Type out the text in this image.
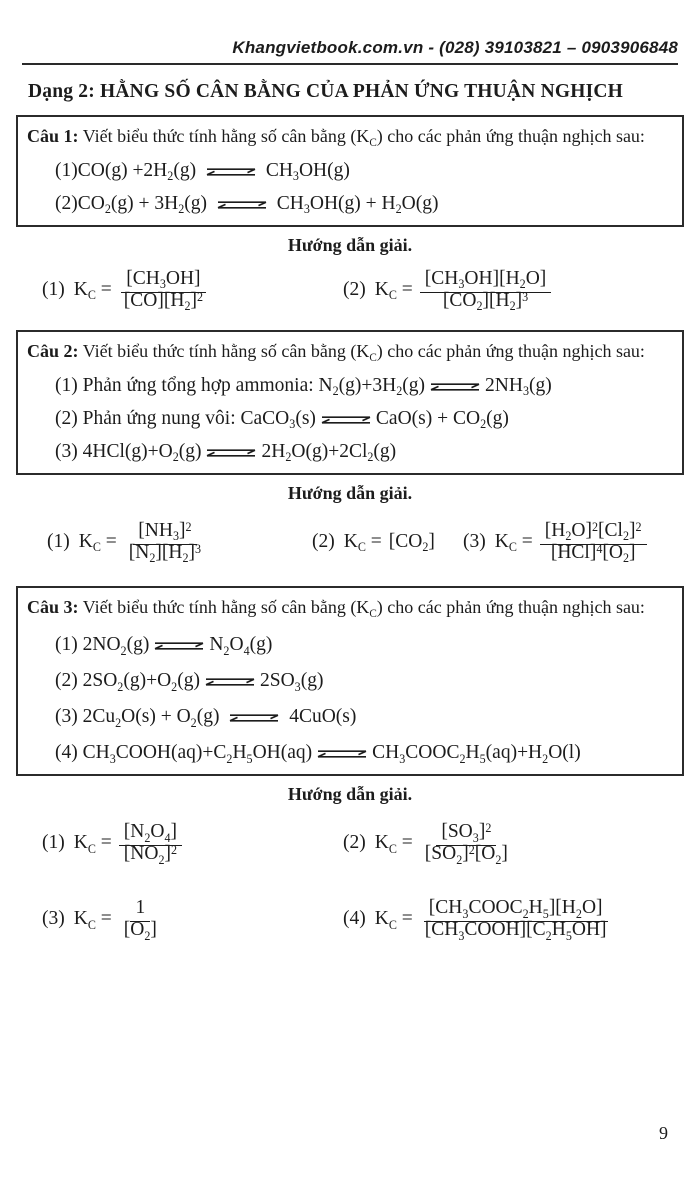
Khangvietbook.com.vn - (028) 39103821 – 0903906848
Dạng 2: HẰNG SỐ CÂN BẰNG CỦA PHẢN ỨNG THUẬN NGHỊCH

Câu 1: Viết biểu thức tính hằng số cân bằng $(K_C)$ cho các phản ứng thuận nghịch sau:

$(1)CO(g) +2H_2(g)$ ⇌ $CH_3OH(g)$
$(2)CO_2(g) + 3H_2(g)$ ⇌ $CH_3OH(g) + H_2O(g)$
Hướng dẫn giải.
(1) $K_C = \frac{[CH_3OH]}{[CO][H_2]^2}$	(2) $K_C = \frac{[CH_3OH][H_2O]}{[CO_2][H_2]^3}$

Câu 2: Viết biểu thức tính hằng số cân bằng $(K_C)$ cho các phản ứng thuận nghịch sau:

(1) Phản ứng tổng hợp ammonia: $N_2(g)+3H_2(g)$ ⇌ $2NH_3(g)$
(2) Phản ứng nung vôi: CaCO$_3$(s) ⇌ $CaO(s) + CO_2(g)$
(3) $4HCl(g)+O_2(g)$ ⇌ $2H_2O(g)+2Cl_2(g)$
Hướng dẫn giải.
(1) $K_C = \frac{[NH_3]^2}{[N_2][H_2]^3}$	(2) $K_C = [CO_2]$ (3) $K_C = \frac{[H_2O]^2[Cl_2]^2}{[HCl]^4[O_2]}$

Câu 3: Viết biểu thức tính hằng số cân bằng $(K_C)$ cho các phản ứng thuận nghịch sau:

(1) $2NO_2(g)$ ⇌ $N_2O_4(g)$
(2) $2SO_2(g)+O_2(g)$ ⇌ $2SO_3(g)$
(3) $2Cu_2O(s) + O_2(g)$ ⇌ 4CuO(s)
(4) $CH_3COOH(aq)+C_2H_5OH(aq)$ ⇌ $CH_3COOC_2H_5(aq)+H_2O(l)$
Hướng dẫn giải.
(1) $K_C = \frac{[N_2O_4]}{[NO_2]^2}$	(2) $K_C = \frac{[SO_3]^2}{[SO_2]^2[O_2]}$
(3) $K_C = \frac{1}{[O_2]}$	(4) $K_C = \frac{[CH_3COOC_2H_5][H_2O]}{[CH_3COOH][C_2H_5OH]}$
9
